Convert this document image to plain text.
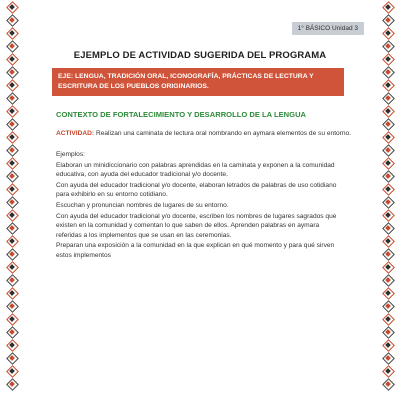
1° BÁSICO Unidad 3
EJEMPLO DE ACTIVIDAD SUGERIDA DEL PROGRAMA
EJE: LENGUA, TRADICIÓN ORAL, ICONOGRAFÍA, PRÁCTICAS DE LECTURA Y ESCRITURA DE LOS PUEBLOS ORIGINARIOS.
CONTEXTO DE FORTALECIMIENTO Y DESARROLLO DE LA LENGUA
ACTIVIDAD: Realizan una caminata de lectura oral nombrando en aymara elementos de su entorno.

Ejemplos:

Elaboran un minidiccionario con palabras aprendidas en la caminata y exponen a la comunidad educativa, con ayuda del educador tradicional y/o docente.

Con ayuda del educador tradicional y/o docente, elaboran letrados de palabras de uso cotidiano para exhibirlo en su entorno cotidiano.

Escuchan y pronuncian nombres de lugares de su entorno.

Con ayuda del educador tradicional y/o docente, escriben los nombres de lugares sagrados que existen en la comunidad y comentan lo que saben de ellos. Aprenden palabras en aymara referidas a los implementos que se usan en las ceremonias.

Preparan una exposición a la comunidad en la que explican en qué momento y para qué sirven estos implementos
